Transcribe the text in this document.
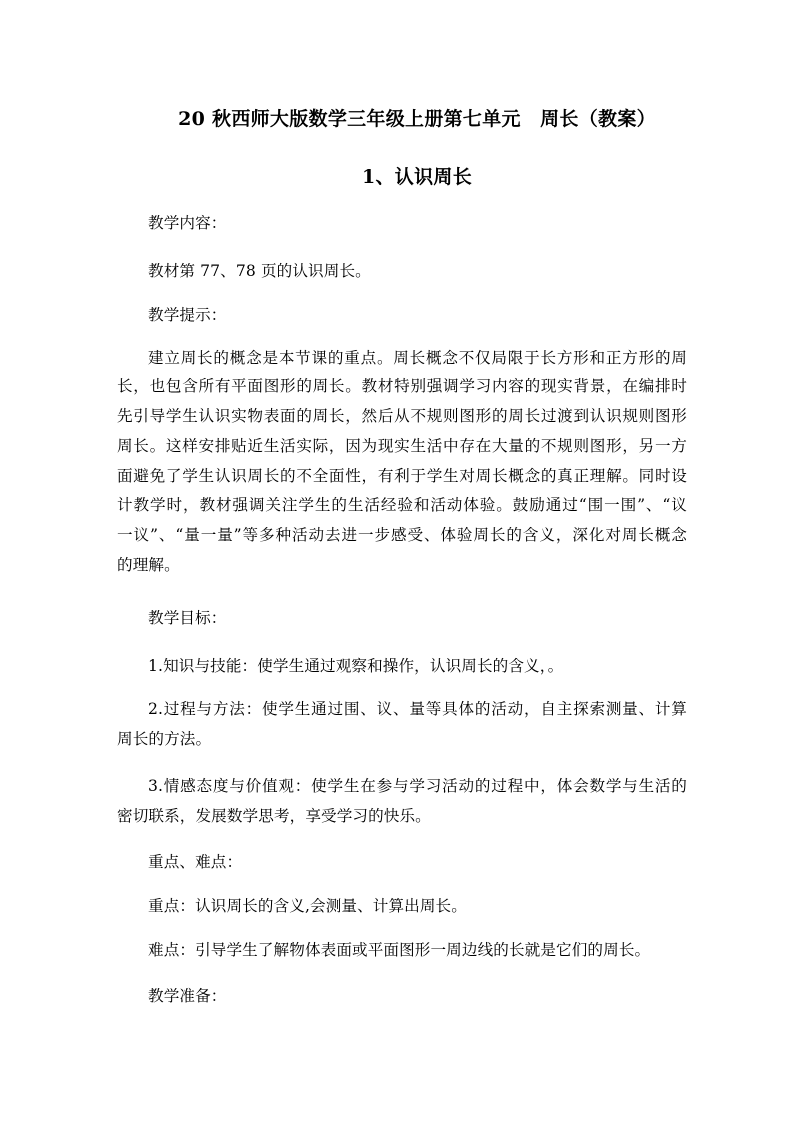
20 秋西师大版数学三年级上册第七单元　周长（教案）
1、认识周长
教学内容：
教材第 77、78 页的认识周长。
教学提示：
建立周长的概念是本节课的重点。周长概念不仅局限于长方形和正方形的周
长，也包含所有平面图形的周长。教材特别强调学习内容的现实背景，在编排时
先引导学生认识实物表面的周长，然后从不规则图形的周长过渡到认识规则图形
周长。这样安排贴近生活实际，因为现实生活中存在大量的不规则图形，另一方
面避免了学生认识周长的不全面性，有利于学生对周长概念的真正理解。同时设
计教学时，教材强调关注学生的生活经验和活动体验。鼓励通过“围一围”、“议
一议”、“量一量”等多种活动去进一步感受、体验周长的含义，深化对周长概念
的理解。
教学目标：
1.知识与技能：使学生通过观察和操作，认识周长的含义，。
2.过程与方法：使学生通过围、议、量等具体的活动，自主探索测量、计算
周长的方法。
3.情感态度与价值观：使学生在参与学习活动的过程中，体会数学与生活的
密切联系，发展数学思考，享受学习的快乐。
重点、难点：
重点：认识周长的含义,会测量、计算出周长。
难点：引导学生了解物体表面或平面图形一周边线的长就是它们的周长。
教学准备：
